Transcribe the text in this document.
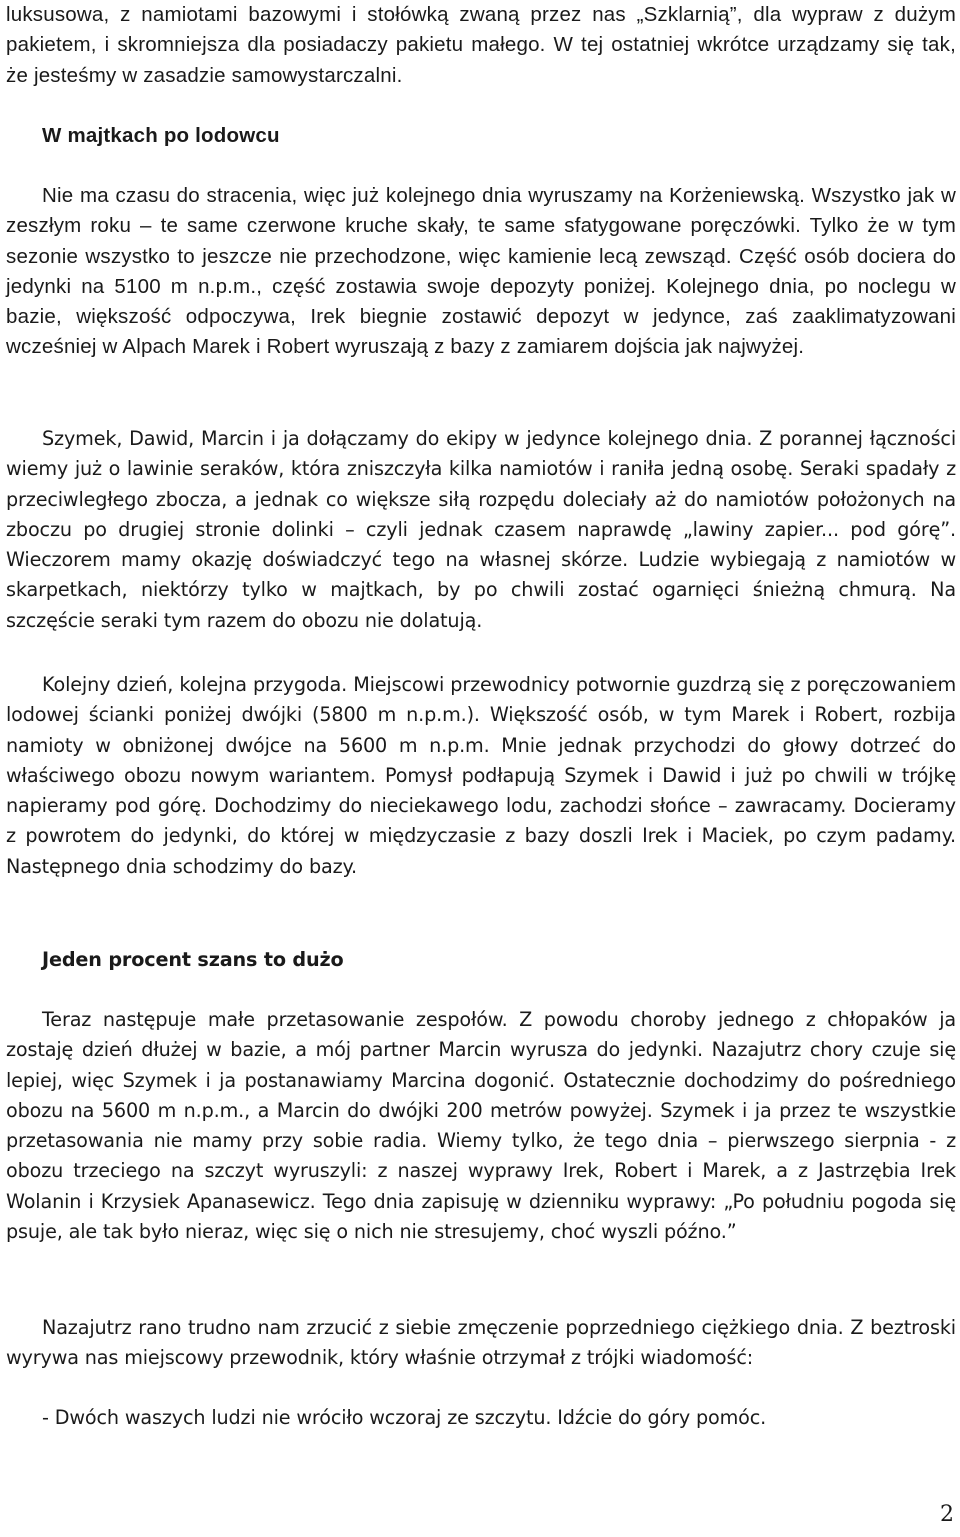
luksusowa, z namiotami bazowymi i stołówką zwaną przez nas „Szklarnią”, dla wypraw z dużym pakietem, i skromniejsza dla posiadaczy pakietu małego. W tej ostatniej wkrótce urządzamy się tak, że jesteśmy w zasadzie samowystarczalni.

W majtkach po lodowcu

Nie ma czasu do stracenia, więc już kolejnego dnia wyruszamy na Korżeniewską. Wszystko jak w zeszłym roku – te same czerwone kruche skały, te same sfatygowane poręczówki. Tylko że w tym sezonie wszystko to jeszcze nie przechodzone, więc kamienie lecą zewsząd. Część osób dociera do jedynki na 5100 m n.p.m., część zostawia swoje depozyty poniżej. Kolejnego dnia, po noclegu w bazie, większość odpoczywa, Irek biegnie zostawić depozyt w jedynce, zaś zaaklimatyzowani wcześniej w Alpach Marek i Robert wyruszają z bazy z zamiarem dojścia jak najwyżej.

Szymek, Dawid, Marcin i ja dołączamy do ekipy w jedynce kolejnego dnia. Z porannej łączności wiemy już o lawinie seraków, która zniszczyła kilka namiotów i raniła jedną osobę. Seraki spadały z przeciwległego zbocza, a jednak co większe siłą rozpędu doleciały aż do namiotów położonych na zboczu po drugiej stronie dolinki – czyli jednak czasem naprawdę „lawiny zapier... pod górę”. Wieczorem mamy okazję doświadczyć tego na własnej skórze. Ludzie wybiegają z namiotów w skarpetkach, niektórzy tylko w majtkach, by po chwili zostać ogarnięci śnieżną chmurą. Na szczęście seraki tym razem do obozu nie dolatują.

Kolejny dzień, kolejna przygoda. Miejscowi przewodnicy potwornie guzdrzą się z poręczowaniem lodowej ścianki poniżej dwójki (5800 m n.p.m.). Większość osób, w tym Marek i Robert, rozbija namioty w obniżonej dwójce na 5600 m n.p.m. Mnie jednak przychodzi do głowy dotrzeć do właściwego obozu nowym wariantem. Pomysł podłapują Szymek i Dawid i już po chwili w trójkę napieramy pod górę. Dochodzimy do nieciekawego lodu, zachodzi słońce – zawracamy. Docieramy z powrotem do jedynki, do której w międzyczasie z bazy doszli Irek i Maciek, po czym padamy. Następnego dnia schodzimy do bazy.

Jeden procent szans to dużo

Teraz następuje małe przetasowanie zespołów. Z powodu choroby jednego z chłopaków ja zostaję dzień dłużej w bazie, a mój partner Marcin wyrusza do jedynki. Nazajutrz chory czuje się lepiej, więc Szymek i ja postanawiamy Marcina dogonić. Ostatecznie dochodzimy do pośredniego obozu na 5600 m n.p.m., a Marcin do dwójki 200 metrów powyżej. Szymek i ja przez te wszystkie przetasowania nie mamy przy sobie radia. Wiemy tylko, że tego dnia – pierwszego sierpnia - z obozu trzeciego na szczyt wyruszyli: z naszej wyprawy Irek, Robert i Marek, a z Jastrzębia Irek Wolanin i Krzysiek Apanasewicz. Tego dnia zapisuję w dzienniku wyprawy: „Po południu pogoda się psuje, ale tak było nieraz, więc się o nich nie stresujemy, choć wyszli późno.”

Nazajutrz rano trudno nam zrzucić z siebie zmęczenie poprzedniego ciężkiego dnia. Z beztroski wyrywa nas miejscowy przewodnik, który właśnie otrzymał z trójki wiadomość:

- Dwóch waszych ludzi nie wróciło wczoraj ze szczytu. Idźcie do góry pomóc.

2
